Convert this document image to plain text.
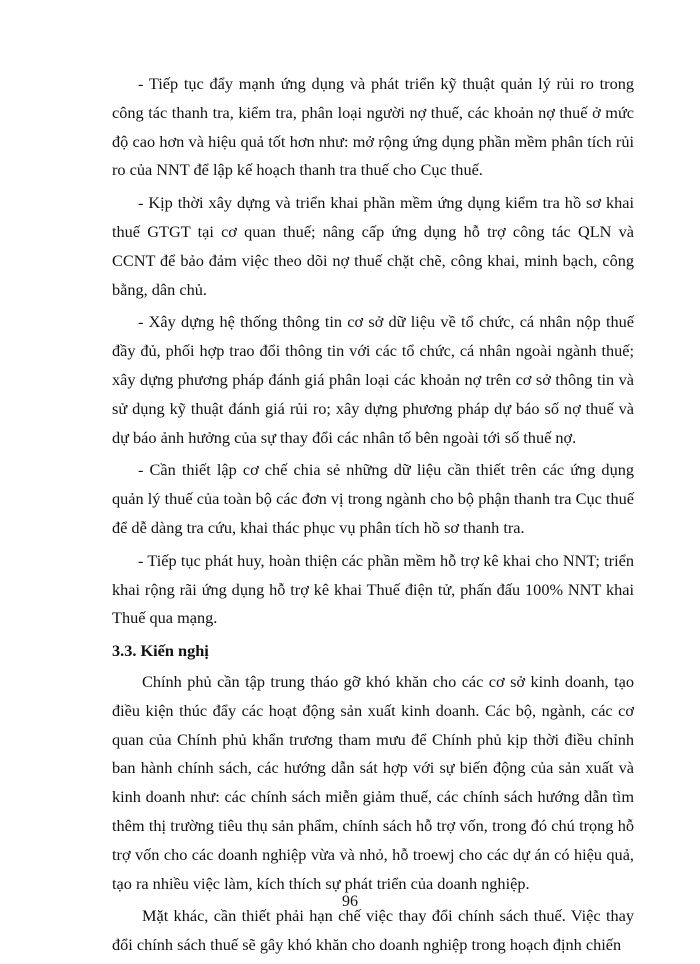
- Tiếp tục đẩy mạnh ứng dụng và phát triển kỹ thuật quản lý rủi ro trong công tác thanh tra, kiểm tra, phân loại người nợ thuế, các khoản nợ thuế ở mức độ cao hơn và hiệu quả tốt hơn như: mở rộng ứng dụng phần mềm phân tích rủi ro của NNT để lập kế hoạch thanh tra thuế cho Cục thuế.

- Kịp thời xây dựng và triển khai phần mềm ứng dụng kiểm tra hồ sơ khai thuế GTGT tại cơ quan thuế; nâng cấp ứng dụng hỗ trợ công tác QLN và CCNT để bảo đảm việc theo dõi nợ thuế chặt chẽ, công khai, minh bạch, công bằng, dân chủ.

- Xây dựng hệ thống thông tin cơ sở dữ liệu về tổ chức, cá nhân nộp thuế đầy đủ, phối hợp trao đổi thông tin với các tổ chức, cá nhân ngoài ngành thuế; xây dựng phương pháp đánh giá phân loại các khoản nợ trên cơ sở thông tin và sử dụng kỹ thuật đánh giá rủi ro; xây dựng phương pháp dự báo số nợ thuế và dự báo ảnh hưởng của sự thay đổi các nhân tố bên ngoài tới số thuế nợ.

- Cần thiết lập cơ chế chia sẻ những dữ liệu cần thiết trên các ứng dụng quản lý thuế của toàn bộ các đơn vị trong ngành cho bộ phận thanh tra Cục thuế để dễ dàng tra cứu, khai thác phục vụ phân tích hồ sơ thanh tra.

- Tiếp tục phát huy, hoàn thiện các phần mềm hỗ trợ kê khai cho NNT; triển khai rộng rãi ứng dụng hỗ trợ kê khai Thuế điện tử, phấn đấu 100% NNT khai Thuế qua mạng.

3.3. Kiến nghị

Chính phủ cần tập trung tháo gỡ khó khăn cho các cơ sở kinh doanh, tạo điều kiện thúc đẩy các hoạt động sản xuất kinh doanh. Các bộ, ngành, các cơ quan của Chính phủ khẩn trương tham mưu để Chính phủ kịp thời điều chỉnh ban hành chính sách, các hướng dẫn sát hợp với sự biến động của sản xuất và kinh doanh như: các chính sách miễn giảm thuế, các chính sách hướng dẫn tìm thêm thị trường tiêu thụ sản phẩm, chính sách hỗ trợ vốn, trong đó chú trọng hỗ trợ vốn cho các doanh nghiệp vừa và nhỏ, hỗ troewj cho các dự án có hiệu quả, tạo ra nhiều việc làm, kích thích sự phát triển của doanh nghiệp.

Mặt khác, cần thiết phải hạn chế việc thay đổi chính sách thuế. Việc thay đổi chính sách thuế sẽ gây khó khăn cho doanh nghiệp trong hoạch định chiến

96
